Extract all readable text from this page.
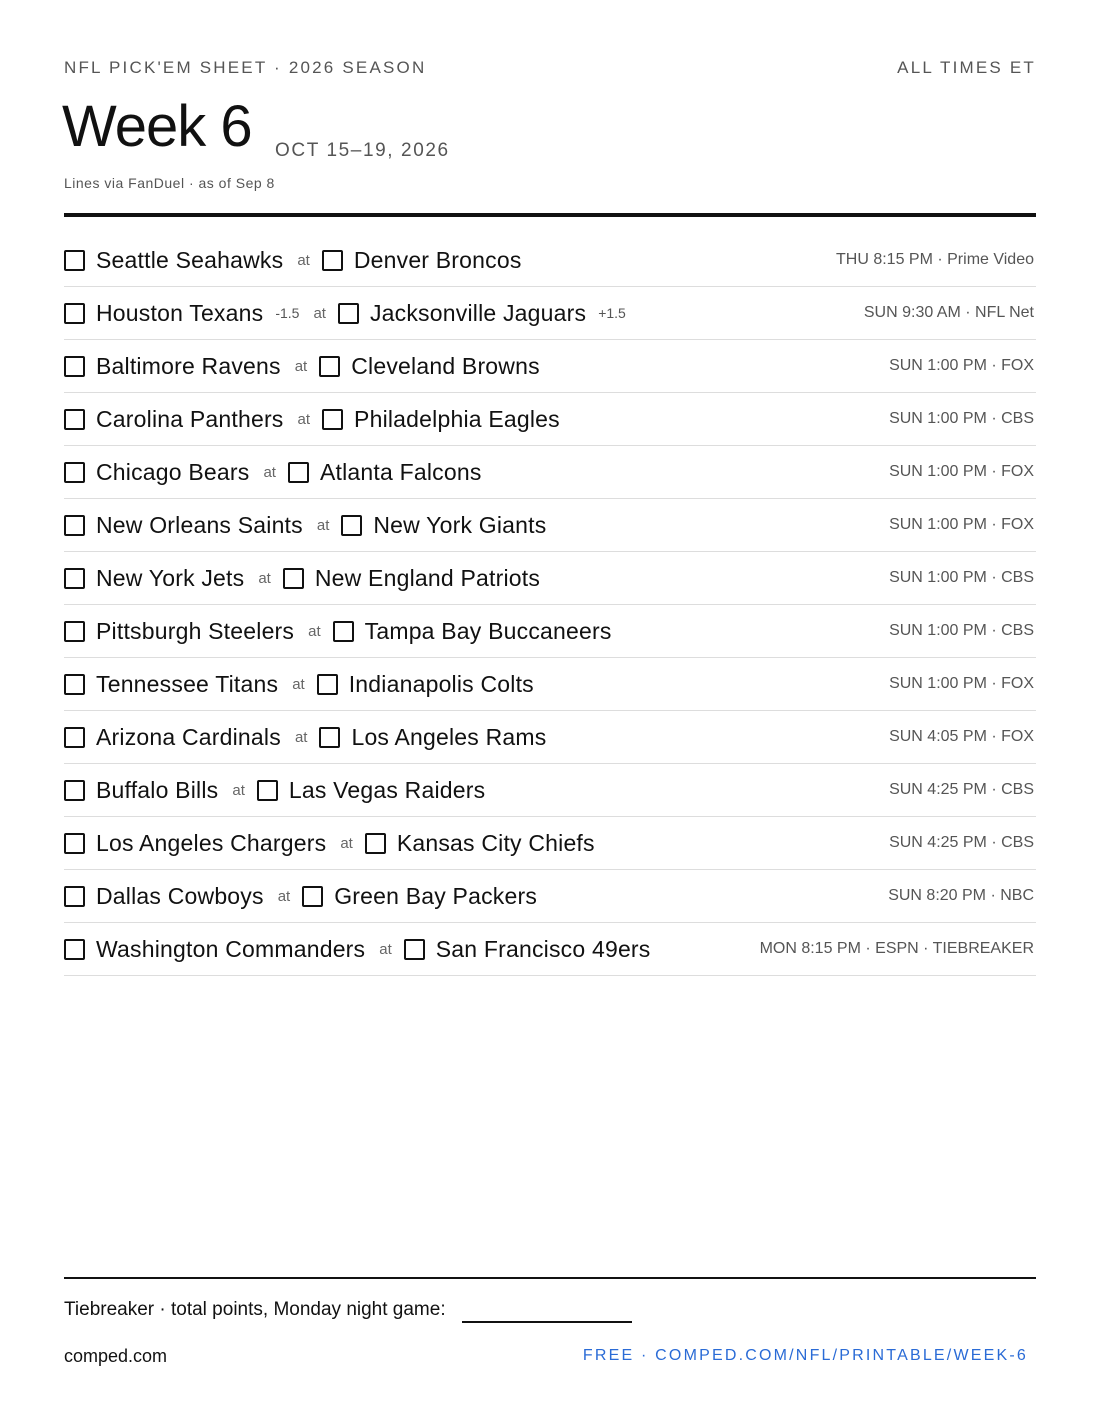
NFL PICK'EM SHEET · 2026 SEASON	ALL TIMES ET
Week 6 OCT 15–19, 2026
Lines via FanDuel · as of Sep 8
Seattle Seahawks at Denver Broncos	THU 8:15 PM · Prime Video
Houston Texans -1.5 at Jacksonville Jaguars +1.5	SUN 9:30 AM · NFL Net
Baltimore Ravens at Cleveland Browns	SUN 1:00 PM · FOX
Carolina Panthers at Philadelphia Eagles	SUN 1:00 PM · CBS
Chicago Bears at Atlanta Falcons	SUN 1:00 PM · FOX
New Orleans Saints at New York Giants	SUN 1:00 PM · FOX
New York Jets at New England Patriots	SUN 1:00 PM · CBS
Pittsburgh Steelers at Tampa Bay Buccaneers	SUN 1:00 PM · CBS
Tennessee Titans at Indianapolis Colts	SUN 1:00 PM · FOX
Arizona Cardinals at Los Angeles Rams	SUN 4:05 PM · FOX
Buffalo Bills at Las Vegas Raiders	SUN 4:25 PM · CBS
Los Angeles Chargers at Kansas City Chiefs	SUN 4:25 PM · CBS
Dallas Cowboys at Green Bay Packers	SUN 8:20 PM · NBC
Washington Commanders at San Francisco 49ers	MON 8:15 PM · ESPN · TIEBREAKER
Tiebreaker · total points, Monday night game:
comped.com	FREE · COMPED.COM/NFL/PRINTABLE/WEEK-6
